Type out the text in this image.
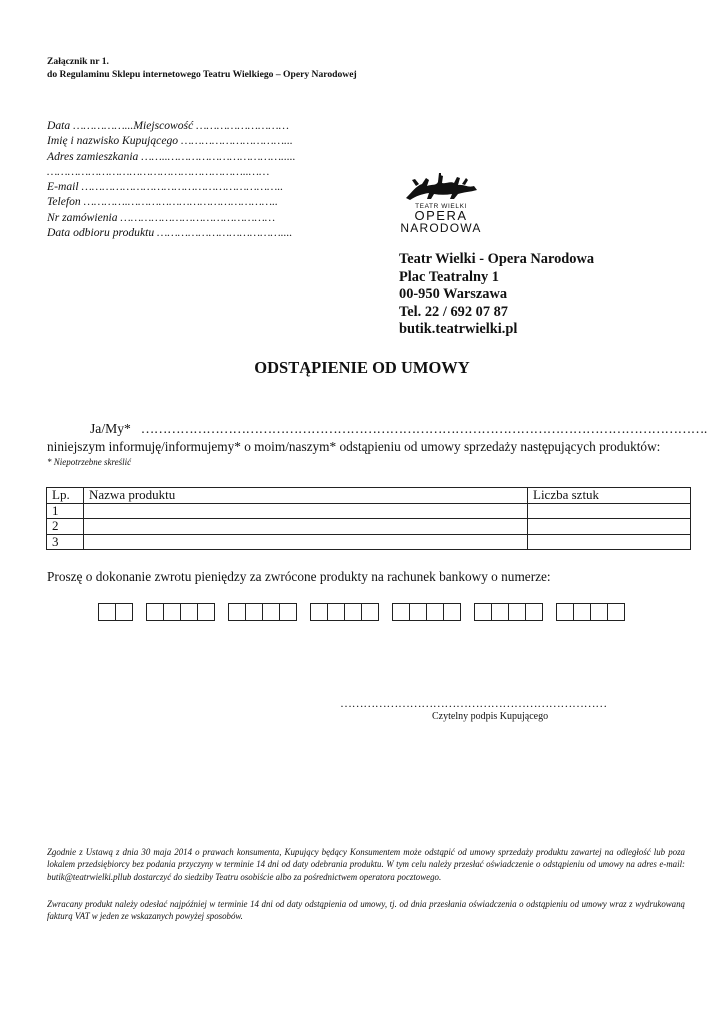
Załącznik nr 1.
do Regulaminu Sklepu internetowego Teatru Wielkiego – Opery Narodowej
Data ……………...Miejscowość ………………………
Imię i nazwisko Kupującego …………………………...
Adres zamieszkania ……..…………………………….....
…………………………………………………..……
E-mail …………………………………………………..
Telefon ………….……………………………………..
Nr zamówienia ………………………………………
Data odbioru produktu ………………………………....
TEATR WIELKI
OPERA
NARODOWA
Teatr Wielki - Opera Narodowa
Plac Teatralny 1
00-950 Warszawa
Tel. 22 / 692 07 87
butik.teatrwielki.pl
ODSTĄPIENIE OD UMOWY
Ja/My* ………………………………………………………………………………………………………………….
niniejszym informuję/informujemy* o moim/naszym* odstąpieniu od umowy sprzedaży następujących produktów:
* Niepotrzebne skreślić
Lp.	Nazwa produktu	Liczba sztuk
1		
2		
3		
Proszę o dokonanie zwrotu pieniędzy za zwrócone produkty na rachunek bankowy o numerze:
……………………………………………………………
Czytelny podpis Kupującego
Zgodnie z Ustawą z dnia 30 maja 2014 o prawach konsumenta, Kupujący będący Konsumentem może odstąpić od umowy sprzedaży produktu zawartej na odległość lub poza lokalem przedsiębiorcy bez podania przyczyny w terminie 14 dni od daty odebrania produktu. W tym celu należy przesłać oświadczenie o odstąpieniu od umowy na adres e-mail: butik@teatrwielki.pllub dostarczyć do siedziby Teatru osobiście albo za pośrednictwem operatora pocztowego.
Zwracany produkt należy odesłać najpóźniej w terminie 14 dni od daty odstąpienia od umowy, tj. od dnia przesłania oświadczenia o odstąpieniu od umowy wraz z wydrukowaną fakturą VAT w jeden ze wskazanych powyżej sposobów.
